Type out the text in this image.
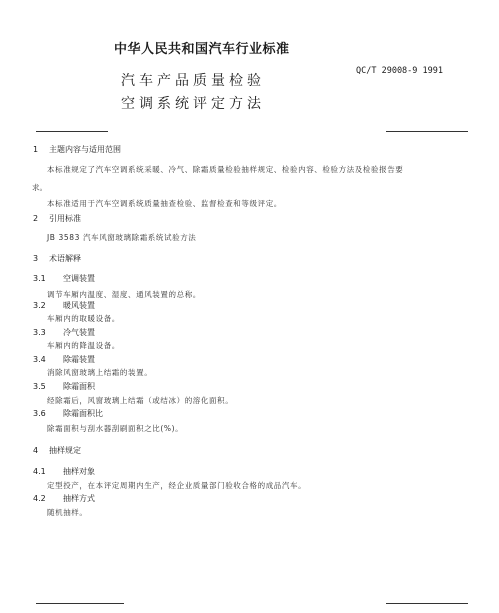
中华人民共和国汽车行业标准
QC/T 29008-9 1991
汽车产品质量检验
空调系统评定方法
1 主题内容与适用范围
本标准规定了汽车空调系统采暖、冷气、除霜质量检验抽样规定、检验内容、检验方法及检验报告要
求。
本标准适用于汽车空调系统质量抽查检验、监督检查和等级评定。
2 引用标准
JB 3583 汽车风窗玻璃除霜系统试验方法
3 术语解释
3.1 空调装置
调节车厢内温度、湿度、通风装置的总称。
3.2 暖风装置
车厢内的取暖设备。
3.3 冷气装置
车厢内的降温设备。
3.4 除霜装置
消除风窗玻璃上结霜的装置。
3.5 除霜面积
经除霜后，风窗玻璃上结霜（或结冰）的溶化面积。
3.6 除霜面积比
除霜面积与刮水器刮刷面积之比(%)。
4 抽样规定
4.1 抽样对象
定型投产，在本评定周期内生产，经企业质量部门验收合格的成品汽车。
4.2 抽样方式
随机抽样。
